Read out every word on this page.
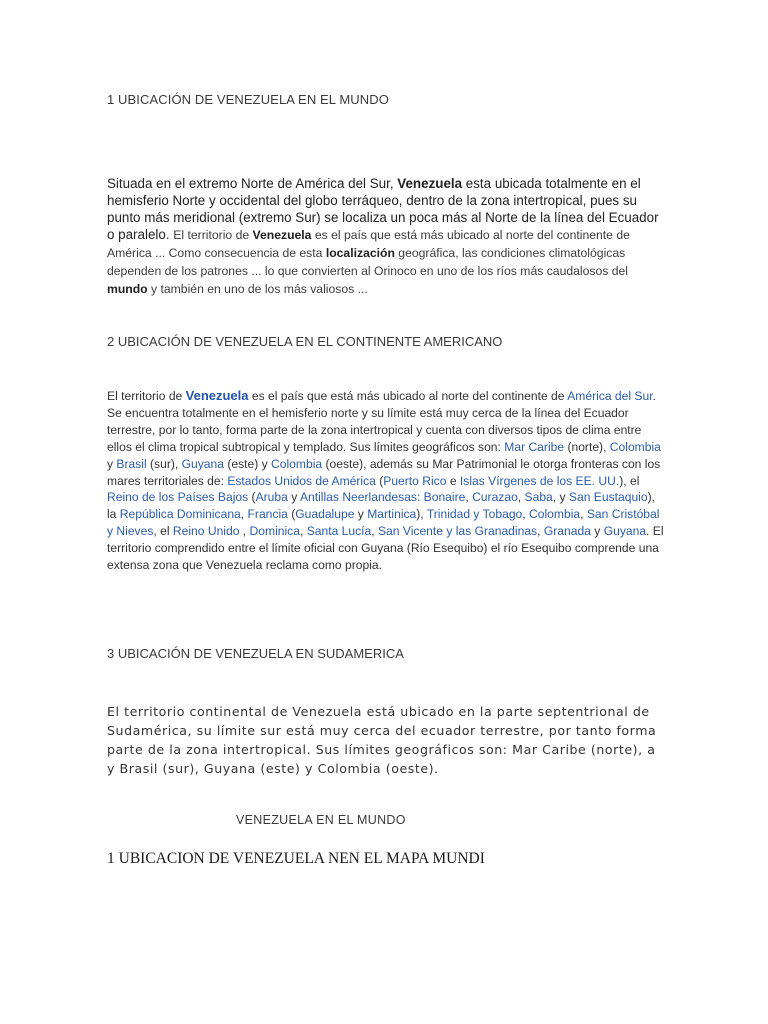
1 UBICACIÓN DE VENEZUELA EN EL MUNDO

Situada en el extremo Norte de América del Sur, Venezuela esta ubicada totalmente en el hemisferio Norte y occidental del globo terráqueo, dentro de la zona intertropical, pues su punto más meridional (extremo Sur) se localiza un poca más al Norte de la línea del Ecuador o paralelo. El territorio de Venezuela es el país que está más ubicado al norte del continente de América ... Como consecuencia de esta localización geográfica, las condiciones climatológicas dependen de los patrones ... lo que convierten al Orinoco en uno de los ríos más caudalosos del mundo y también en uno de los más valiosos ...

2 UBICACIÓN DE VENEZUELA EN EL CONTINENTE AMERICANO

El territorio de Venezuela es el país que está más ubicado al norte del continente de América del Sur. Se encuentra totalmente en el hemisferio norte y su límite está muy cerca de la línea del Ecuador terrestre, por lo tanto, forma parte de la zona intertropical y cuenta con diversos tipos de clima entre ellos el clima tropical subtropical y templado. Sus límites geográficos son: Mar Caribe (norte), Colombia y Brasil (sur), Guyana (este) y Colombia (oeste), además su Mar Patrimonial le otorga fronteras con los mares territoriales de: Estados Unidos de América (Puerto Rico e Islas Vírgenes de los EE. UU.), el Reino de los Países Bajos (Aruba y Antillas Neerlandesas: Bonaire, Curazao, Saba, y San Eustaquio), la República Dominicana, Francia (Guadalupe y Martinica), Trinidad y Tobago, Colombia, San Cristóbal y Nieves, el Reino Unido , Dominica, Santa Lucía, San Vicente y las Granadinas, Granada y Guyana. El territorio comprendido entre el límite oficial con Guyana (Río Esequibo) el río Esequibo comprende una extensa zona que Venezuela reclama como propia.

3 UBICACIÓN DE VENEZUELA EN SUDAMERICA

El territorio continental de Venezuela está ubicado en la parte septentrional de Sudamérica, su límite sur está muy cerca del ecuador terrestre, por tanto forma parte de la zona intertropical. Sus límites geográficos son: Mar Caribe (norte), a y Brasil (sur), Guyana (este) y Colombia (oeste).

VENEZUELA EN EL MUNDO

1 UBICACION DE VENEZUELA NEN EL MAPA MUNDI
